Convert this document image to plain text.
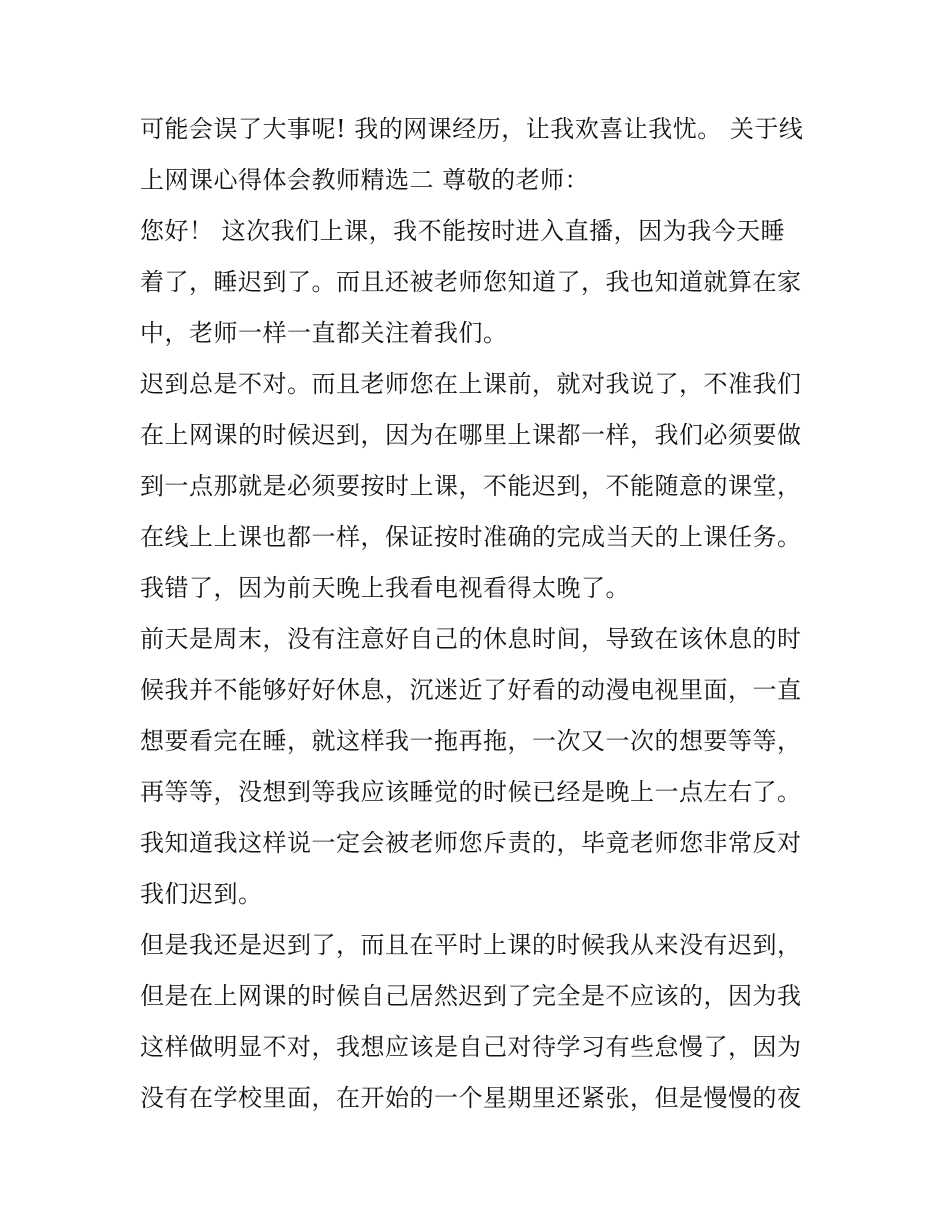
可能会误了大事呢! 我的网课经历，让我欢喜让我忧。 关于线
上网课心得体会教师精选二 尊敬的老师：
您好！ 这次我们上课，我不能按时进入直播，因为我今天睡
着了，睡迟到了。而且还被老师您知道了，我也知道就算在家
中，老师一样一直都关注着我们。
迟到总是不对。而且老师您在上课前，就对我说了，不准我们
在上网课的时候迟到，因为在哪里上课都一样，我们必须要做
到一点那就是必须要按时上课，不能迟到，不能随意的课堂，
在线上上课也都一样，保证按时准确的完成当天的上课任务。
我错了，因为前天晚上我看电视看得太晚了。
前天是周末，没有注意好自己的休息时间，导致在该休息的时
候我并不能够好好休息，沉迷近了好看的动漫电视里面，一直
想要看完在睡，就这样我一拖再拖，一次又一次的想要等等，
再等等，没想到等我应该睡觉的时候已经是晚上一点左右了。
我知道我这样说一定会被老师您斥责的，毕竟老师您非常反对
我们迟到。
但是我还是迟到了，而且在平时上课的时候我从来没有迟到，
但是在上网课的时候自己居然迟到了完全是不应该的，因为我
这样做明显不对，我想应该是自己对待学习有些怠慢了，因为
没有在学校里面，在开始的一个星期里还紧张，但是慢慢的夜
